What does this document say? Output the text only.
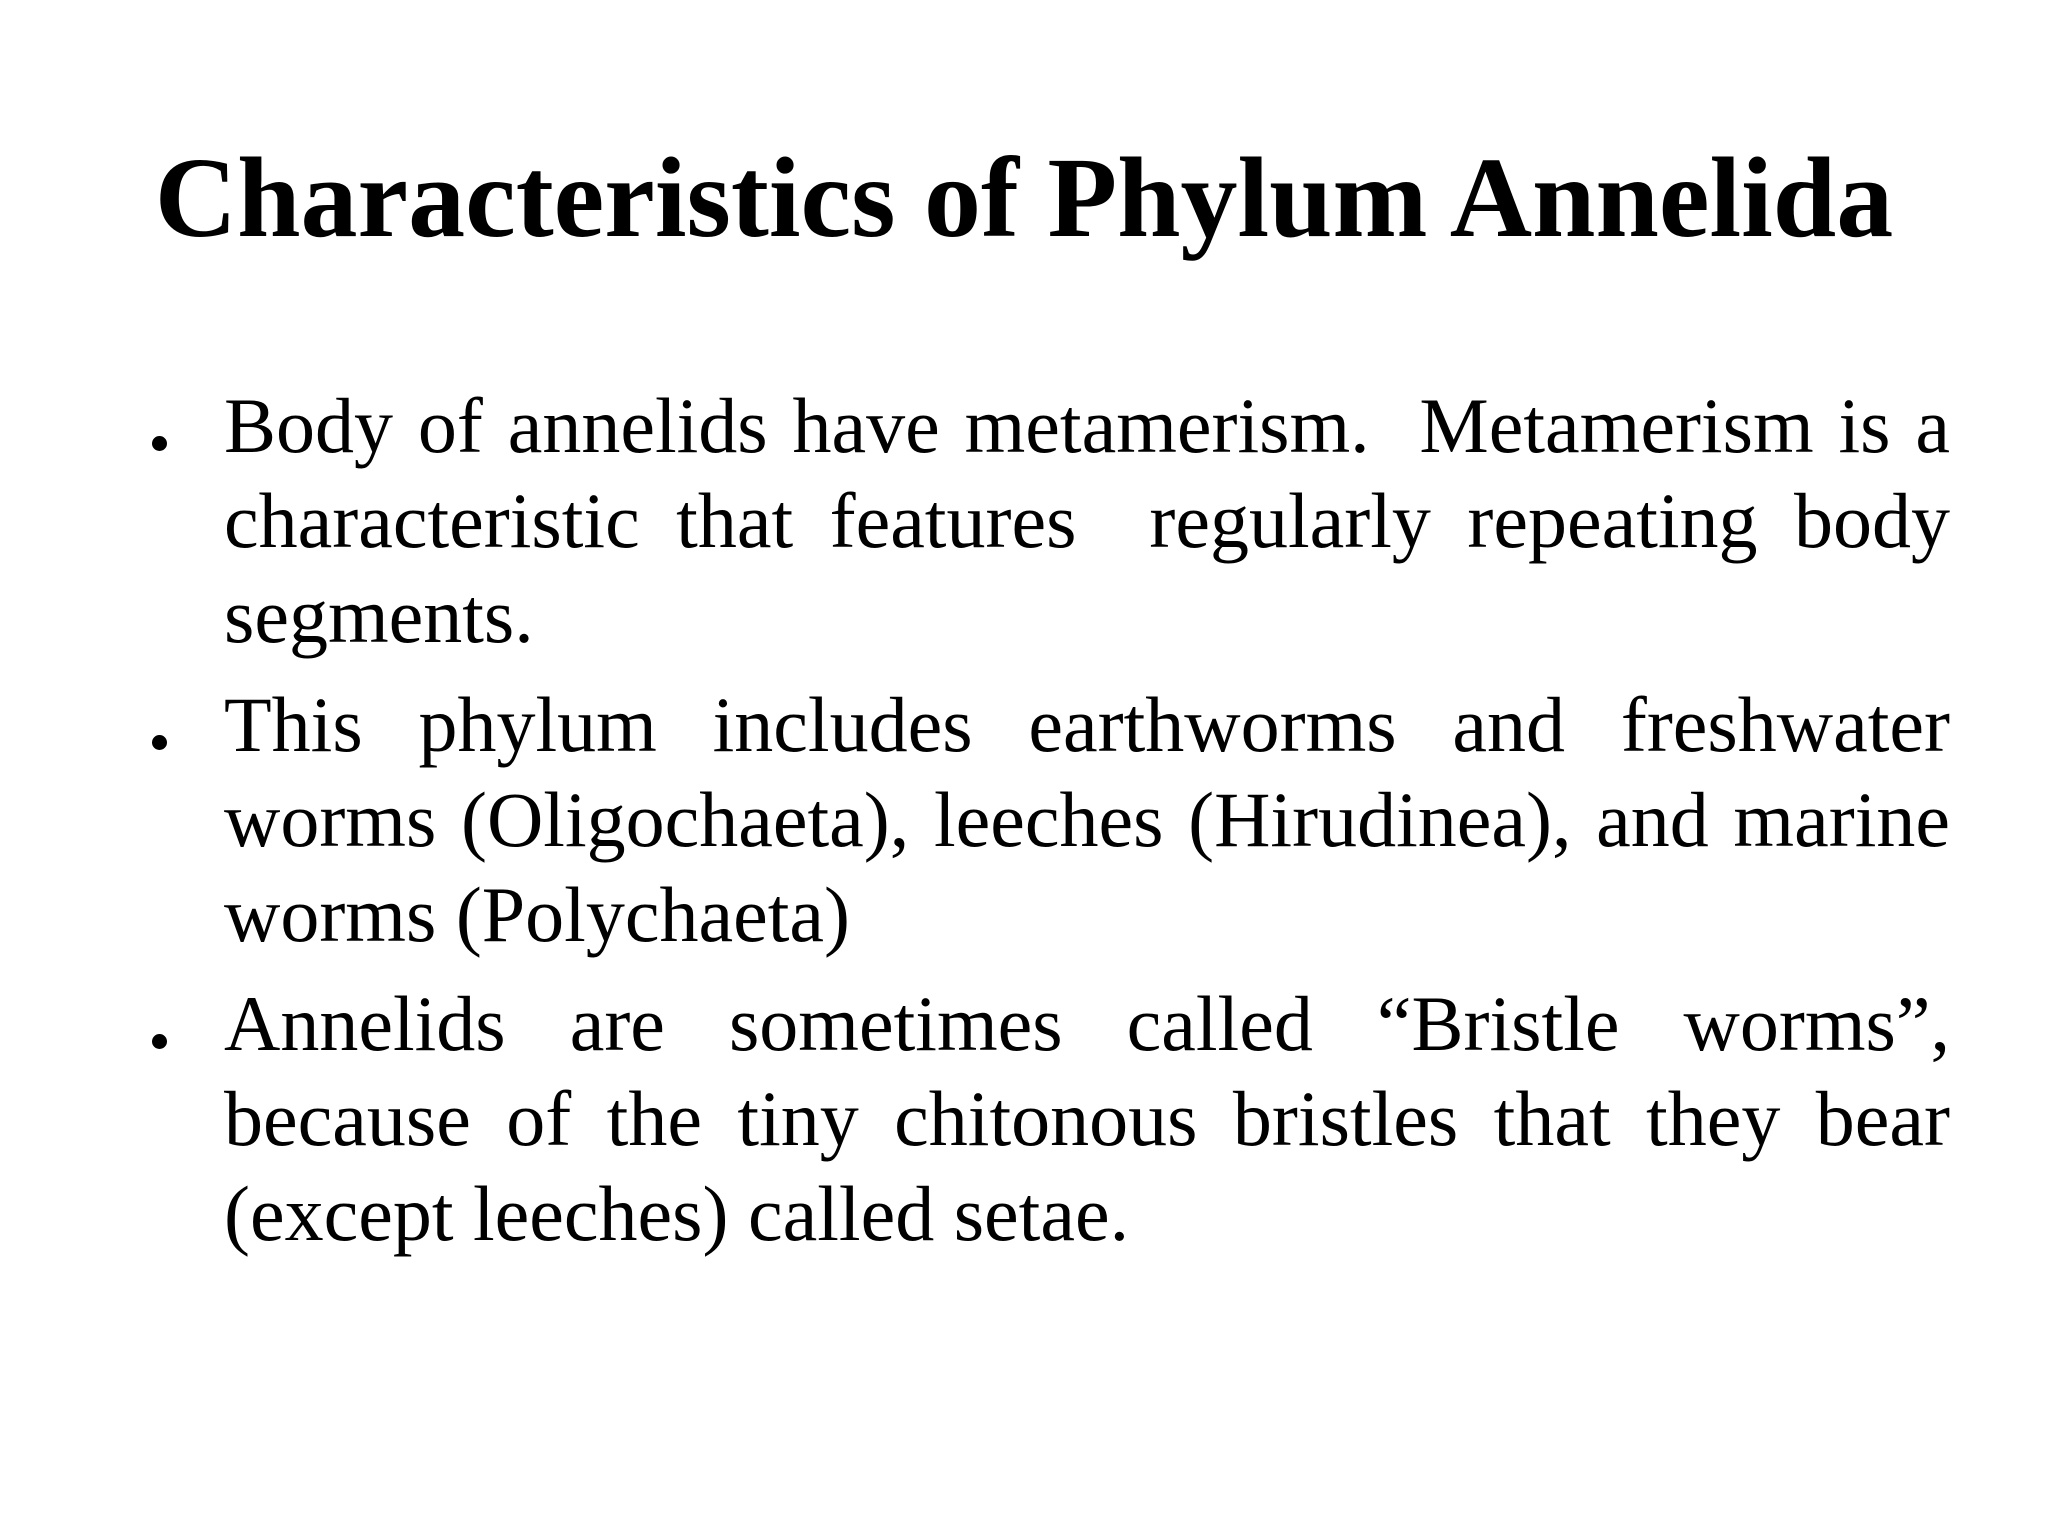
Characteristics of Phylum Annelida
Body of annelids have metamerism.  Metamerism is a characteristic that features  regularly repeating body segments.
This phylum includes earthworms and freshwater worms (Oligochaeta), leeches (Hirudinea), and marine worms (Polychaeta)
Annelids are sometimes called “Bristle worms”, because of the tiny chitonous bristles that they bear (except leeches) called setae.
